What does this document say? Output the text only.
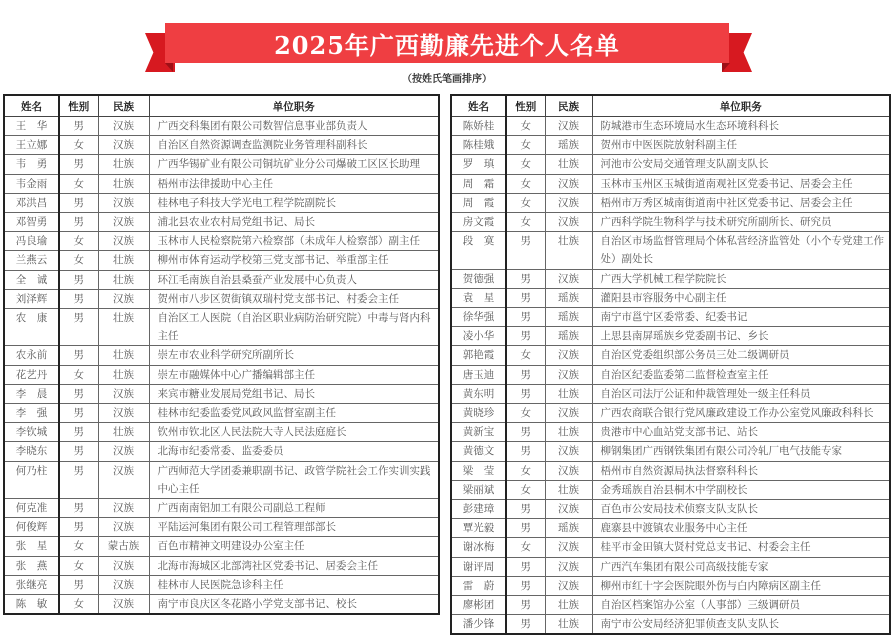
2025年广西勤廉先进个人名单
（按姓氏笔画排序）
姓名	性别	民族	单位职务
王　华	男	汉族	广西交科集团有限公司数智信息事业部负责人
王立娜	女	汉族	自治区自然资源调查监测院业务管理科副科长
韦　勇	男	壮族	广西华锡矿业有限公司铜坑矿业分公司爆破工区区长助理
韦金雨	女	壮族	梧州市法律援助中心主任
邓洪昌	男	汉族	桂林电子科技大学光电工程学院副院长
邓智勇	男	汉族	浦北县农业农村局党组书记、局长
冯良瑜	女	汉族	玉林市人民检察院第六检察部（未成年人检察部）副主任
兰燕云	女	壮族	柳州市体育运动学校第三党支部书记、举重部主任
全　诚	男	壮族	环江毛南族自治县桑蚕产业发展中心负责人
刘泽辉	男	汉族	贺州市八步区贺街镇双瑞村党支部书记、村委会主任
农　康	男	壮族	自治区工人医院（自治区职业病防治研究院）中毒与肾内科主任
农永前	男	壮族	崇左市农业科学研究所副所长
花艺丹	女	壮族	崇左市融媒体中心广播编辑部主任
李　晨	男	汉族	来宾市糖业发展局党组书记、局长
李　强	男	汉族	桂林市纪委监委党风政风监督室副主任
李钦城	男	壮族	钦州市钦北区人民法院大寺人民法庭庭长
李晓东	男	汉族	北海市纪委常委、监委委员
何乃柱	男	汉族	广西师范大学团委兼职副书记、政管学院社会工作实训实践中心主任
何克准	男	汉族	广西南南铝加工有限公司副总工程师
何俊辉	男	汉族	平陆运河集团有限公司工程管理部部长
张　星	女	蒙古族	百色市精神文明建设办公室主任
张　燕	女	汉族	北海市海城区北部湾社区党委书记、居委会主任
张继亮	男	汉族	桂林市人民医院急诊科主任
陈　敏	女	汉族	南宁市良庆区冬花路小学党支部书记、校长
姓名	性别	民族	单位职务
陈娇桂	女	汉族	防城港市生态环境局水生态环境科科长
陈桂娥	女	瑶族	贺州市中医医院放射科副主任
罗　瑱	女	壮族	河池市公安局交通管理支队副支队长
周　霜	女	汉族	玉林市玉州区玉城街道南观社区党委书记、居委会主任
周　霞	女	汉族	梧州市万秀区城南街道南中社区党委书记、居委会主任
房文霞	女	汉族	广西科学院生物科学与技术研究所副所长、研究员
段　寞	男	壮族	自治区市场监督管理局个体私营经济监管处（小个专党建工作处）副处长
贺德强	男	汉族	广西大学机械工程学院院长
袁　星	男	瑶族	灌阳县市容服务中心副主任
徐华强	男	瑶族	南宁市邕宁区委常委、纪委书记
凌小华	男	瑶族	上思县南屏瑶族乡党委副书记、乡长
郭艳霞	女	汉族	自治区党委组织部公务员三处二级调研员
唐玉迪	男	汉族	自治区纪委监委第二监督检查室主任
黄东明	男	壮族	自治区司法厅公证和仲裁管理处一级主任科员
黄晓珍	女	汉族	广西农商联合银行党风廉政建设工作办公室党风廉政科科长
黄新宝	男	壮族	贵港市中心血站党支部书记、站长
黄德文	男	汉族	柳钢集团广西钢铁集团有限公司冷轧厂电气技能专家
梁　莹	女	汉族	梧州市自然资源局执法督察科科长
梁丽斌	女	壮族	金秀瑶族自治县桐木中学副校长
彭建璋	男	汉族	百色市公安局技术侦察支队支队长
覃光毅	男	瑶族	鹿寨县中渡镇农业服务中心主任
谢冰梅	女	汉族	桂平市金田镇大贤村党总支书记、村委会主任
谢评周	男	汉族	广西汽车集团有限公司高级技能专家
雷　蔚	男	汉族	柳州市红十字会医院眼外伤与白内障病区副主任
廖彬团	男	壮族	自治区档案馆办公室（人事部）三级调研员
潘少锋	男	壮族	南宁市公安局经济犯罪侦查支队支队长
